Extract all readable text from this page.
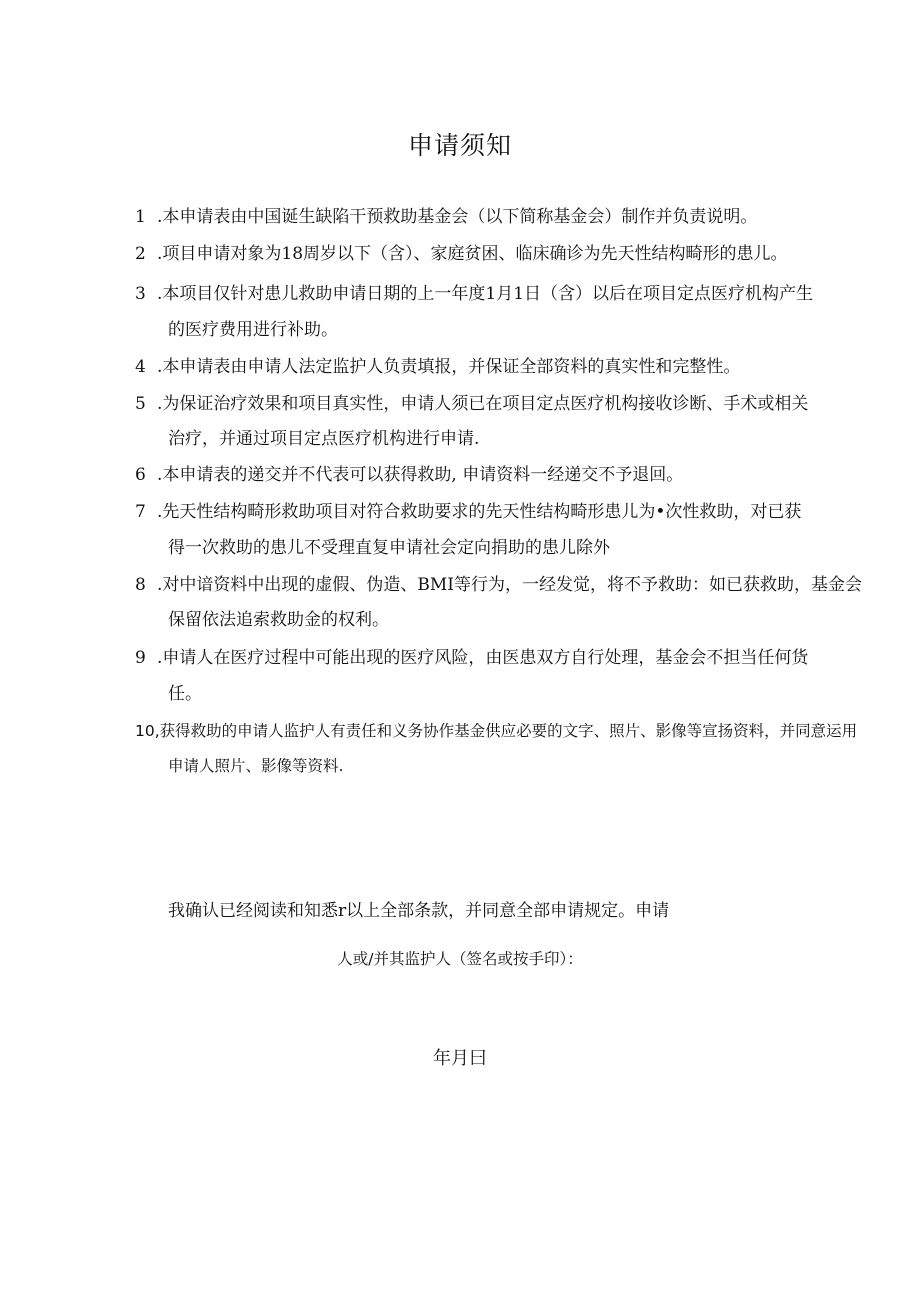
申请须知
1 .本申请表由中国诞生缺陷干预救助基金会（以下简称基金会）制作并负责说明。
2 .项目申请对象为18周岁以下（含）、家庭贫困、临床确诊为先天性结构畸形的患儿。
3 .本项目仅针对患儿救助申请日期的上一年度1月1日（含）以后在项目定点医疗机构产生
的医疗费用进行补助。
4 .本申请表由申请人法定监护人负责填报，并保证全部资料的真实性和完整性。
5 .为保证治疗效果和项目真实性，申请人须已在项目定点医疗机构接收诊断、手术或相关
治疗，并通过项目定点医疗机构进行申请.
6 .本申请表的递交并不代表可以获得救助, 申请资料一经递交不予退回。
7 .先天性结构畸形救助项目对符合救助要求的先天性结构畸形患儿为•次性救助，对已获
得一次救助的患儿不受理直复申请社会定向捐助的患儿除外
8 .对中谙资料中出现的虚假、伪造、BMI等行为，一经发觉，将不予救助：如已获救助，基金会
保留依法追索救助金的权利。
9 .申请人在医疗过程中可能出现的医疗风险，由医患双方自行处理，基金会不担当任何货
任。
10,获得救助的申请人监护人有责任和义务协作基金供应必要的文字、照片、影像等宣扬资料，并同意运用
申请人照片、影像等资料.
我确认已经阅读和知悉r以上全部条款，并同意全部申请规定。申请
人或/并其监护人（签名或按手印）：
年月曰
